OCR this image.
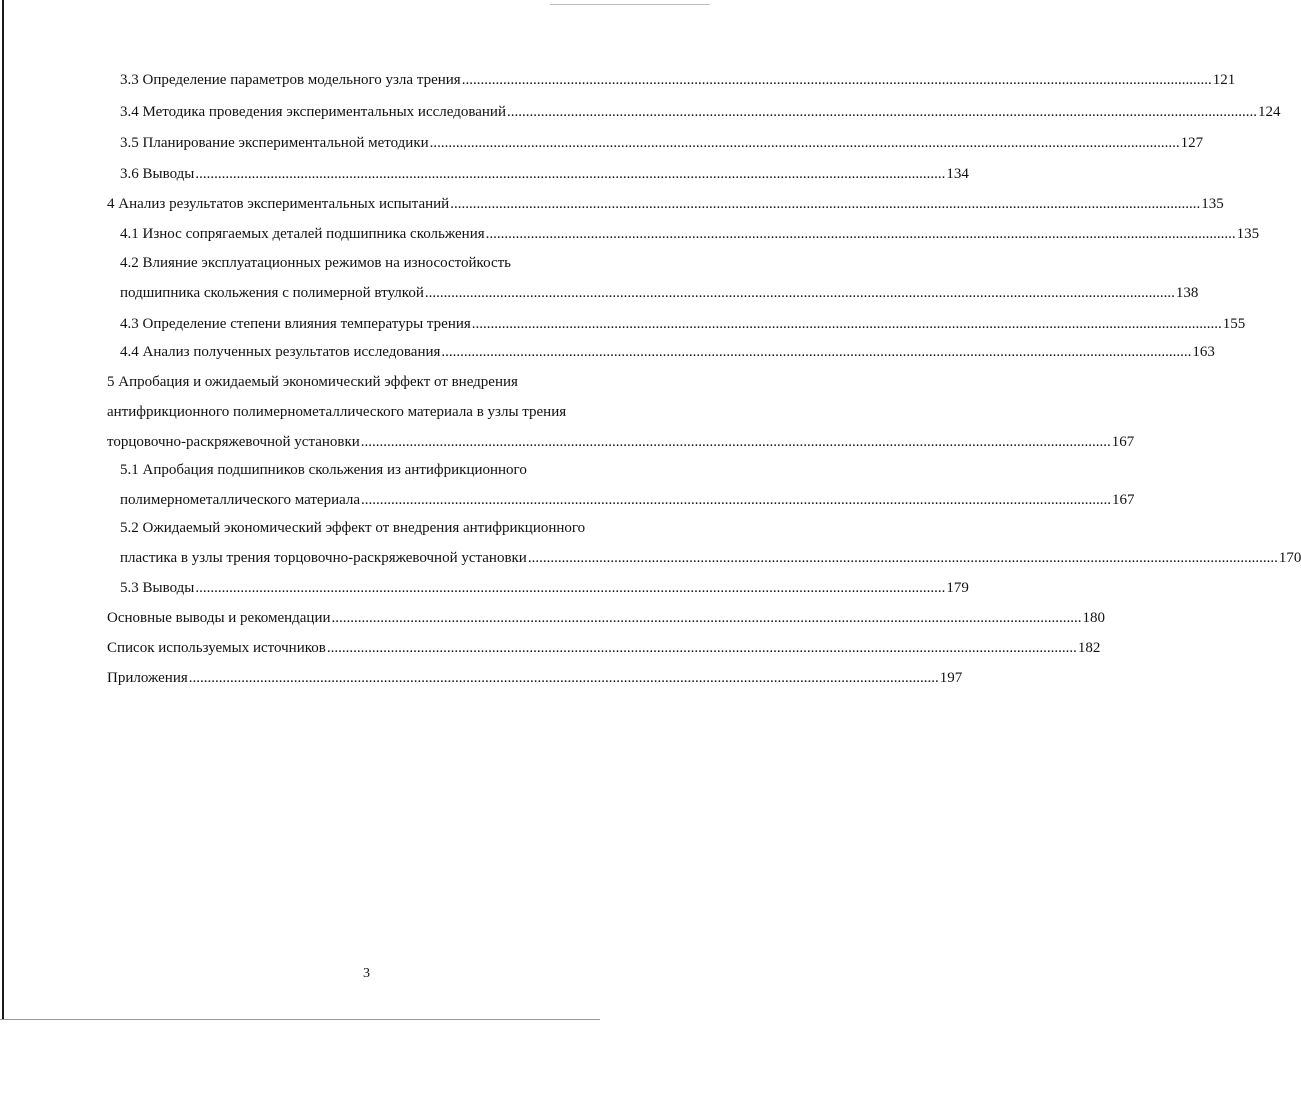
3.3 Определение параметров модельного узла трения ........................................................................................................................................................................................................ 121
3.4 Методика проведения экспериментальных исследований ........................................................................................................................................................................................................ 124
3.5 Планирование экспериментальной методики ........................................................................................................................................................................................................ 127
3.6 Выводы ........................................................................................................................................................................................................ 134
4 Анализ результатов экспериментальных испытаний ........................................................................................................................................................................................................ 135
4.1 Износ сопрягаемых деталей подшипника скольжения ........................................................................................................................................................................................................ 135
4.2 Влияние эксплуатационных режимов на износостойкость
подшипника скольжения с полимерной втулкой ........................................................................................................................................................................................................ 138
4.3 Определение степени влияния температуры трения ........................................................................................................................................................................................................ 155
4.4 Анализ полученных результатов исследования ........................................................................................................................................................................................................ 163
5 Апробация и ожидаемый экономический эффект от внедрения
антифрикционного полимернометаллического материала в узлы трения
торцовочно-раскряжевочной установки ........................................................................................................................................................................................................ 167
5.1 Апробация подшипников скольжения из антифрикционного
полимернометаллического материала ........................................................................................................................................................................................................ 167
5.2 Ожидаемый экономический эффект от внедрения антифрикционного
пластика в узлы трения торцовочно-раскряжевочной установки ........................................................................................................................................................................................................ 170
5.3 Выводы ........................................................................................................................................................................................................ 179
Основные выводы и рекомендации ........................................................................................................................................................................................................ 180
Список используемых источников ........................................................................................................................................................................................................ 182
Приложения ........................................................................................................................................................................................................ 197
3
